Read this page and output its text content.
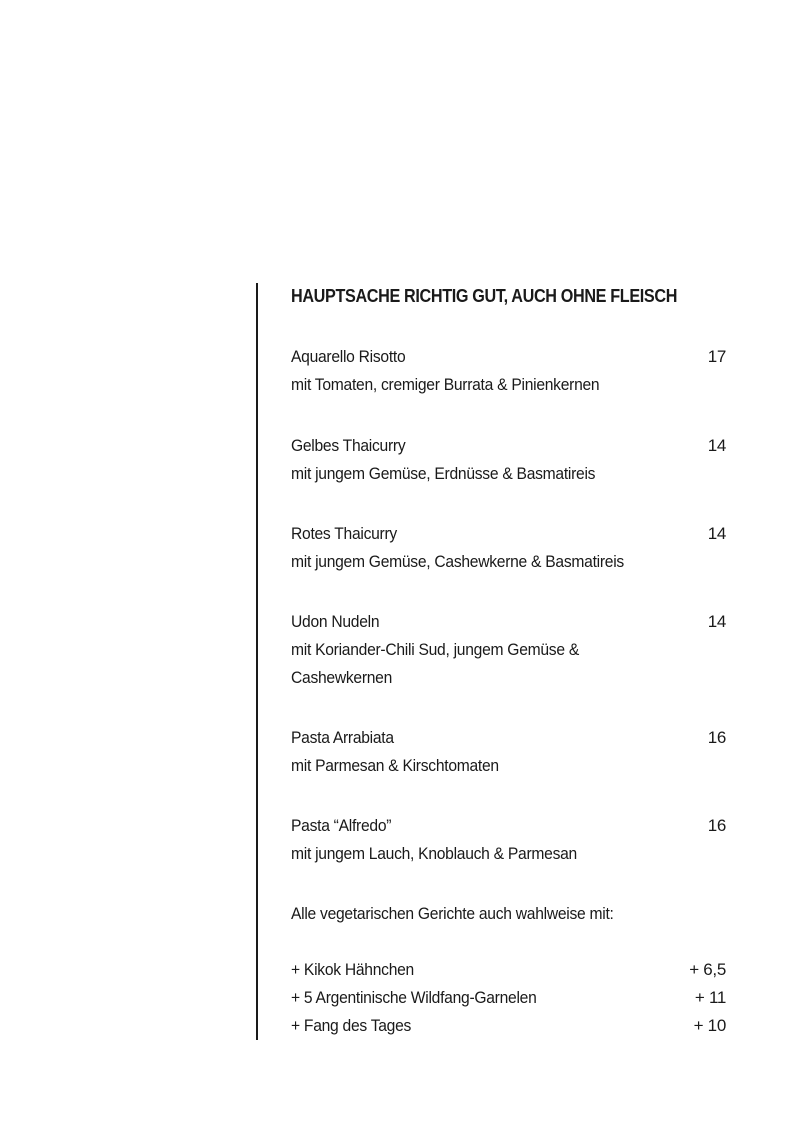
HAUPTSACHE RICHTIG GUT, AUCH OHNE FLEISCH
Aquarello Risotto	17
mit Tomaten, cremiger Burrata & Pinienkernen
Gelbes Thaicurry	14
mit jungem Gemüse, Erdnüsse & Basmatireis
Rotes Thaicurry	14
mit jungem Gemüse, Cashewkerne & Basmatireis
Udon Nudeln	14
mit Koriander-Chili Sud, jungem Gemüse &
Cashewkernen
Pasta Arrabiata	16
mit Parmesan & Kirschtomaten
Pasta “Alfredo”	16
mit jungem Lauch, Knoblauch & Parmesan
Alle vegetarischen Gerichte auch wahlweise mit:
+ Kikok Hähnchen	+ 6,5
+ 5 Argentinische Wildfang-Garnelen	+ 11
+ Fang des Tages	+ 10
